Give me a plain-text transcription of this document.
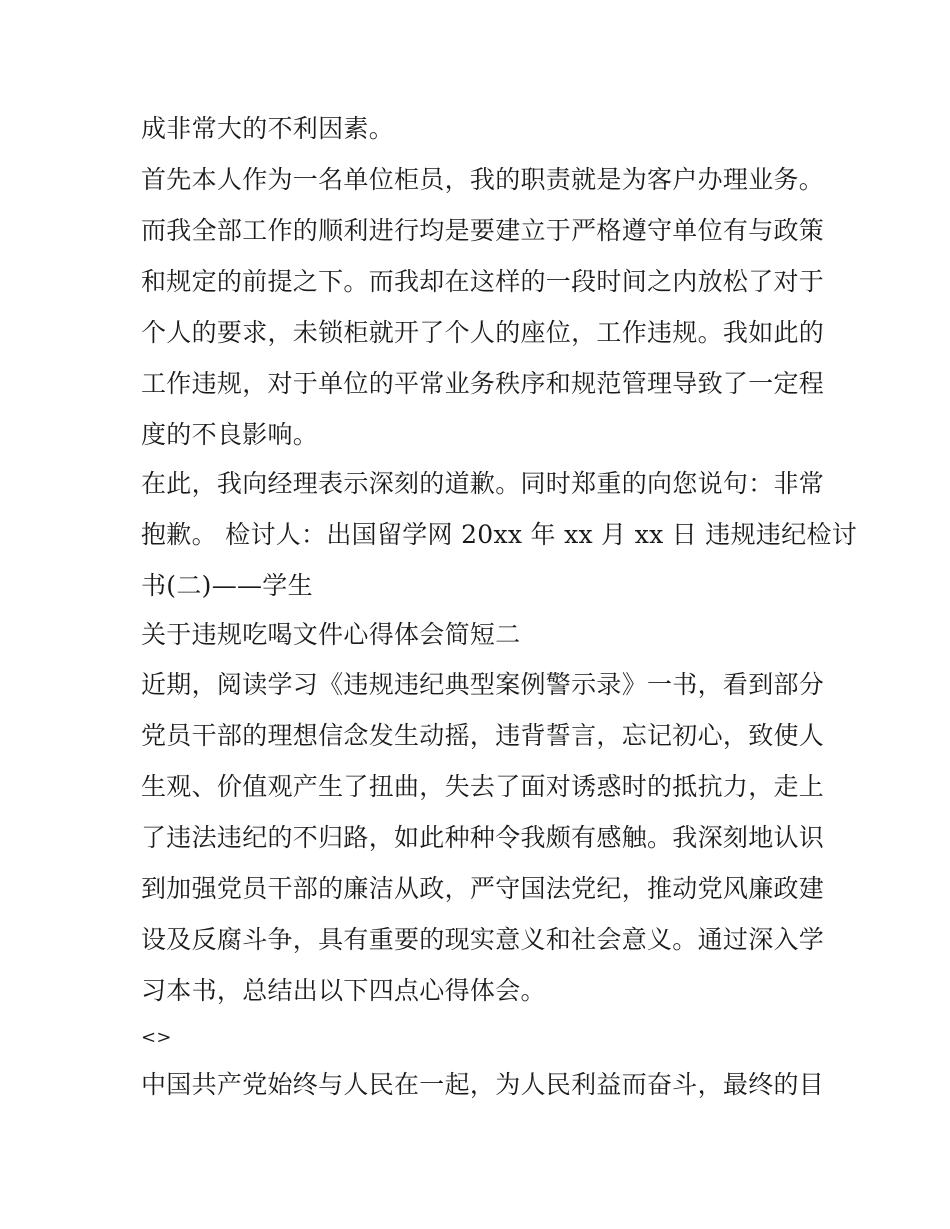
成非常大的不利因素。
首先本人作为一名单位柜员，我的职责就是为客户办理业务。
而我全部工作的顺利进行均是要建立于严格遵守单位有与政策
和规定的前提之下。而我却在这样的一段时间之内放松了对于
个人的要求，未锁柜就开了个人的座位，工作违规。我如此的
工作违规，对于单位的平常业务秩序和规范管理导致了一定程
度的不良影响。
在此，我向经理表示深刻的道歉。同时郑重的向您说句：非常
抱歉。 检讨人：出国留学网 20xx 年 xx 月 xx 日 违规违纪检讨
书(二)——学生
关于违规吃喝文件心得体会简短二
近期，阅读学习《违规违纪典型案例警示录》一书，看到部分
党员干部的理想信念发生动摇，违背誓言，忘记初心，致使人
生观、价值观产生了扭曲，失去了面对诱惑时的抵抗力，走上
了违法违纪的不归路，如此种种令我颇有感触。我深刻地认识
到加强党员干部的廉洁从政，严守国法党纪，推动党风廉政建
设及反腐斗争，具有重要的现实意义和社会意义。通过深入学
习本书，总结出以下四点心得体会。
<>
中国共产党始终与人民在一起，为人民利益而奋斗，最终的目
